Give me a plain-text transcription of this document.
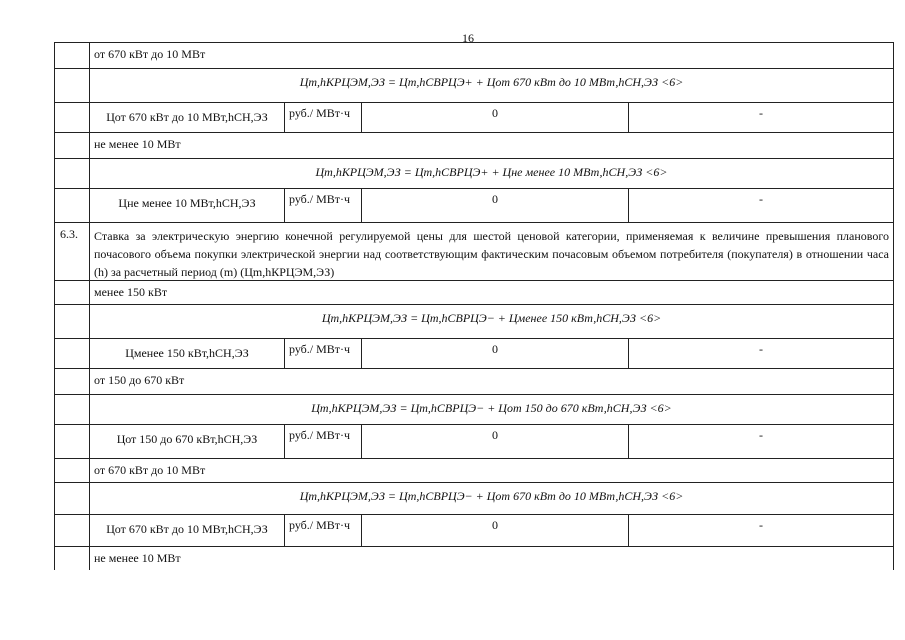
16
от 670 кВт до 10 МВт
Цm,hКРЦЭМ,ЭЗ = Цm,hСВРЦЭ+ + Цот 670 кВт до 10 МВт,hСН,ЭЗ <6>
Цот 670 кВт до 10 МВт,hСН,ЭЗ	руб./ МВт·ч	0	-
не менее 10 МВт
Цm,hКРЦЭМ,ЭЗ = Цm,hСВРЦЭ+ + Цне менее 10 МВт,hСН,ЭЗ <6>
Цне менее 10 МВт,hСН,ЭЗ	руб./ МВт·ч	0	-
6.3.	Ставка за электрическую энергию конечной регулируемой цены для шестой ценовой категории, применяемая к величине превышения планового почасового объема покупки электрической энергии над соответствующим фактическим почасовым объемом потребителя (покупателя) в отношении часа (h) за расчетный период (m) (Цm,hКРЦЭМ,ЭЗ)
менее 150 кВт
Цm,hКРЦЭМ,ЭЗ = Цm,hСВРЦЭ− + Цменее 150 кВт,hСН,ЭЗ <6>
Цменее 150 кВт,hСН,ЭЗ	руб./ МВт·ч	0	-
от 150 до 670 кВт
Цm,hКРЦЭМ,ЭЗ = Цm,hСВРЦЭ− + Цот 150 до 670 кВт,hСН,ЭЗ <6>
Цот 150 до 670 кВт,hСН,ЭЗ	руб./ МВт·ч	0	-
от 670 кВт до 10 МВт
Цm,hКРЦЭМ,ЭЗ = Цm,hСВРЦЭ− + Цот 670 кВт до 10 МВт,hСН,ЭЗ <6>
Цот 670 кВт до 10 МВт,hСН,ЭЗ	руб./ МВт·ч	0	-
не менее 10 МВт
